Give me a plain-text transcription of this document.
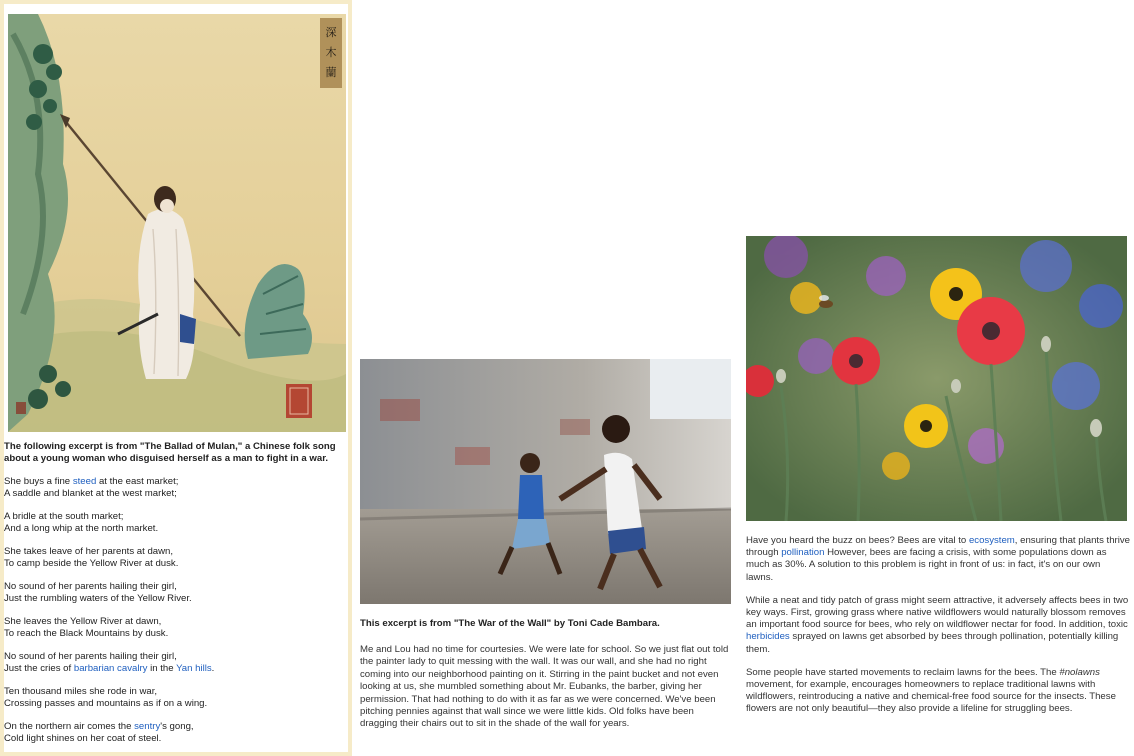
深
木
蘭

The following excerpt is from "The Ballad of Mulan," a Chinese folk song about a young woman who disguised herself as a man to fight in a war.

She buys a fine steed at the east market;
A saddle and blanket at the west market;
A bridle at the south market;
And a long whip at the north market.
She takes leave of her parents at dawn,
To camp beside the Yellow River at dusk.
No sound of her parents hailing their girl,
Just the rumbling waters of the Yellow River.
She leaves the Yellow River at dawn,
To reach the Black Mountains by dusk.
No sound of her parents hailing their girl,
Just the cries of barbarian cavalry in the Yan hills.
Ten thousand miles she rode in war,
Crossing passes and mountains as if on a wing.
On the northern air comes the sentry's gong,
Cold light shines on her coat of steel.
This excerpt is from "The War of the Wall" by Toni Cade Bambara.
Me and Lou had no time for courtesies. We were late for school. So we just flat out told the painter lady to quit messing with the wall. It was our wall, and she had no right coming into our neighborhood painting on it. Stirring in the paint bucket and not even looking at us, she mumbled something about Mr. Eubanks, the barber, giving her permission. That had nothing to do with it as far as we were concerned. We've been pitching pennies against that wall since we were little kids. Old folks have been dragging their chairs out to sit in the shade of the wall for years.

Have you heard the buzz on bees? Bees are vital to ecosystem, ensuring that plants thrive through pollination However, bees are facing a crisis, with some populations down as much as 30%. A solution to this problem is right in front of us: in fact, it's on our own lawns.

While a neat and tidy patch of grass might seem attractive, it adversely affects bees in two key ways. First, growing grass where native wildflowers would naturally blossom removes an important food source for bees, who rely on wildflower nectar for food. In addition, toxic herbicides sprayed on lawns get absorbed by bees through pollination, potentially killing them.

Some people have started movements to reclaim lawns for the bees. The #nolawns movement, for example, encourages homeowners to replace traditional lawns with wildflowers, reintroducing a native and chemical-free food source for the insects. These flowers are not only beautiful—they also provide a lifeline for struggling bees.
